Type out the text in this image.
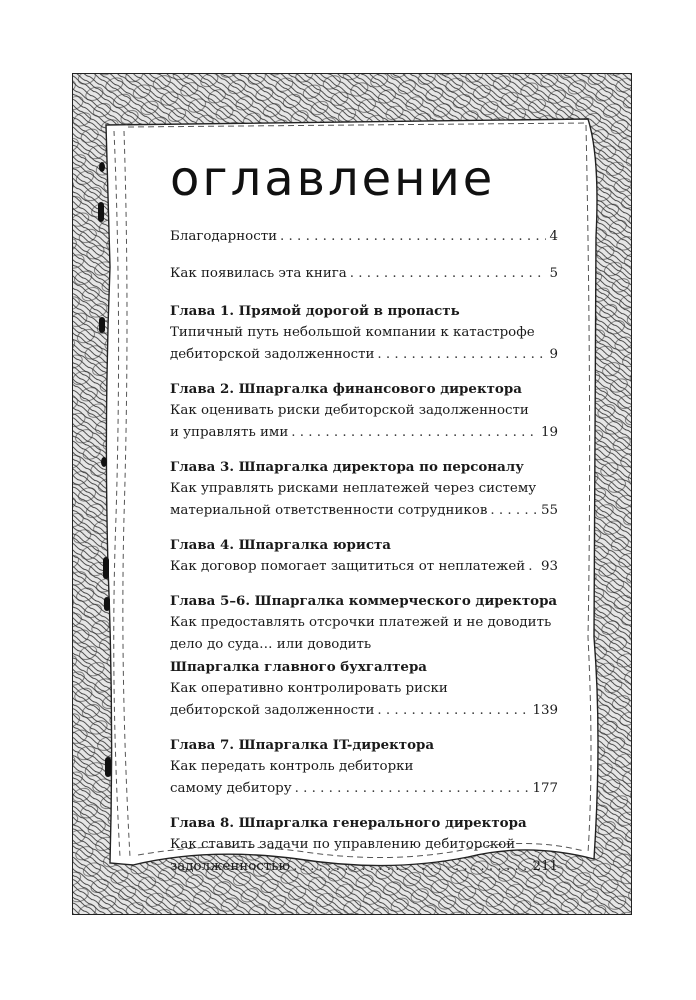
оглавление
Благодарности . . .	4
Как появилась эта книга . . .	5
Глава 1. Прямой дорогой в пропасть
Типичный путь небольшой компании к катастрофе
дебиторской задолженности . . .	9
Глава 2. Шпаргалка финансового директора
Как оценивать риски дебиторской задолженности
и управлять ими . . .	19
Глава 3. Шпаргалка директора по персоналу
Как управлять рисками неплатежей через систему
материальной ответственности сотрудников . . .	55
Глава 4. Шпаргалка юриста
Как договор помогает защититься от неплатежей . . . 93
Глава 5–6. Шпаргалка коммерческого директора
Как предоставлять отсрочки платежей и не доводить
дело до суда… или доводить
Шпаргалка главного бухгалтера
Как оперативно контролировать риски
дебиторской задолженности . . .	139
Глава 7. Шпаргалка IT-директора
Как передать контроль дебиторки
самому дебитору . . .	177
Глава 8. Шпаргалка генерального директора
Как ставить задачи по управлению дебиторской
задолженностью . . .	211
